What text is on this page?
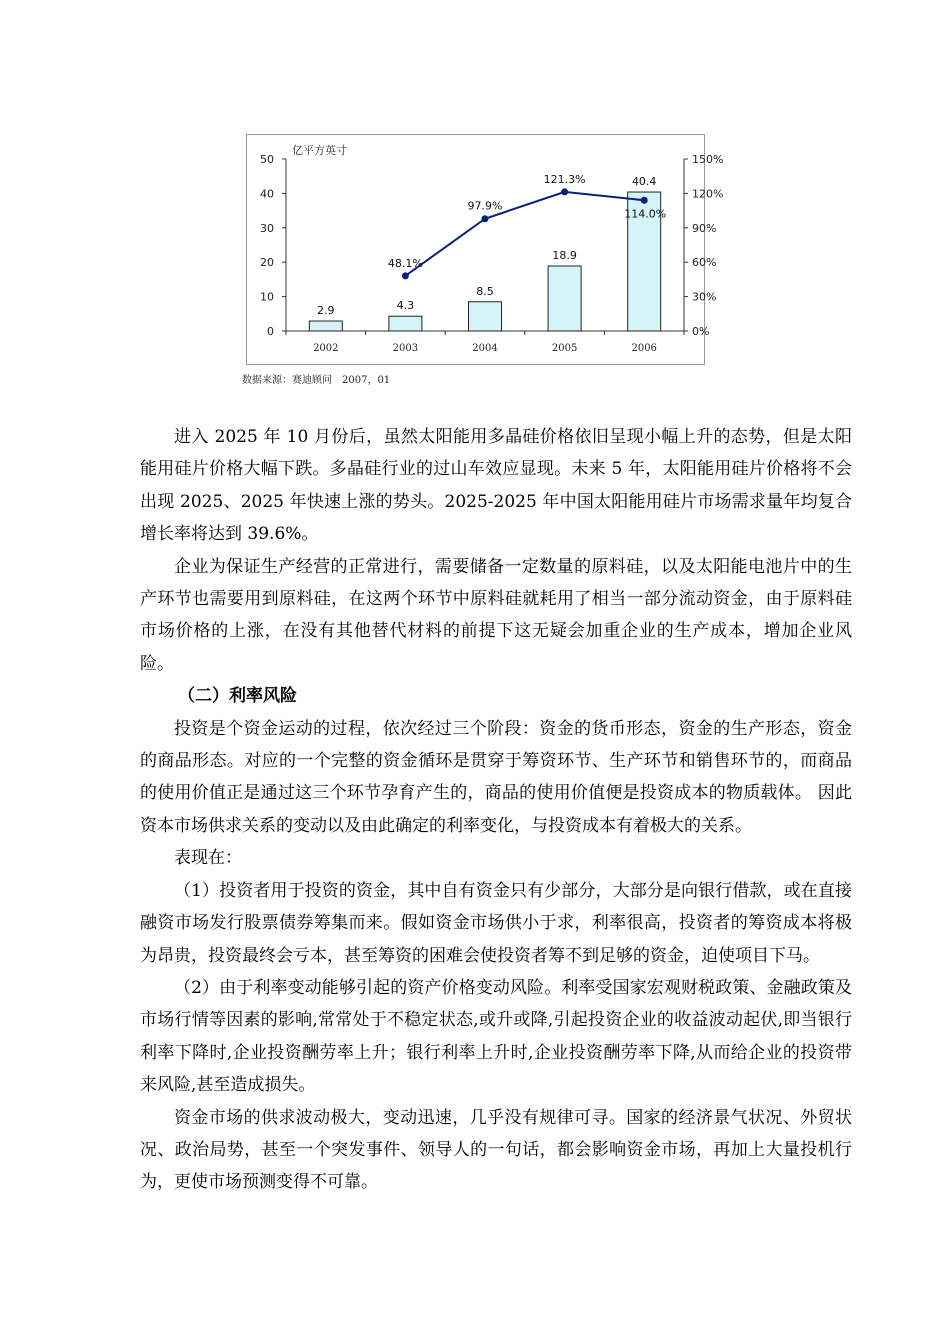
0
10
20
30
40
50
0%
30%
60%
90%
120%
150%
亿平方英寸
2.9
2002
4.3
2003
8.5
2004
18.9
2005
40.4
2006
48.1%
97.9%
121.3%
114.0%
数据来源：赛迪顾问　2007，01

进入 2025 年 10 月份后，虽然太阳能用多晶硅价格依旧呈现小幅上升的态势，但是太阳能用硅片价格大幅下跌。多晶硅行业的过山车效应显现。未来 5 年，太阳能用硅片价格将不会出现 2025、2025 年快速上涨的势头。2025-2025 年中国太阳能用硅片市场需求量年均复合增长率将达到 39.6%。

企业为保证生产经营的正常进行，需要储备一定数量的原料硅，以及太阳能电池片中的生产环节也需要用到原料硅，在这两个环节中原料硅就耗用了相当一部分流动资金，由于原料硅市场价格的上涨，在没有其他替代材料的前提下这无疑会加重企业的生产成本，增加企业风险。

（二）利率风险

投资是个资金运动的过程，依次经过三个阶段：资金的货币形态，资金的生产形态，资金的商品形态。对应的一个完整的资金循环是贯穿于筹资环节、生产环节和销售环节的，而商品的使用价值正是通过这三个环节孕育产生的，商品的使用价值便是投资成本的物质载体。 因此资本市场供求关系的变动以及由此确定的利率变化，与投资成本有着极大的关系。

表现在：

（1）投资者用于投资的资金，其中自有资金只有少部分，大部分是向银行借款，或在直接融资市场发行股票债券筹集而来。假如资金市场供小于求，利率很高，投资者的筹资成本将极为昂贵，投资最终会亏本，甚至筹资的困难会使投资者筹不到足够的资金，迫使项目下马。

（2）由于利率变动能够引起的资产价格变动风险。利率受国家宏观财税政策、金融政策及市场行情等因素的影响,常常处于不稳定状态,或升或降,引起投资企业的收益波动起伏,即当银行利率下降时,企业投资酬劳率上升；银行利率上升时,企业投资酬劳率下降,从而给企业的投资带来风险,甚至造成损失。

资金市场的供求波动极大，变动迅速，几乎没有规律可寻。国家的经济景气状况、外贸状况、政治局势，甚至一个突发事件、领导人的一句话，都会影响资金市场，再加上大量投机行为，更使市场预测变得不可靠。
